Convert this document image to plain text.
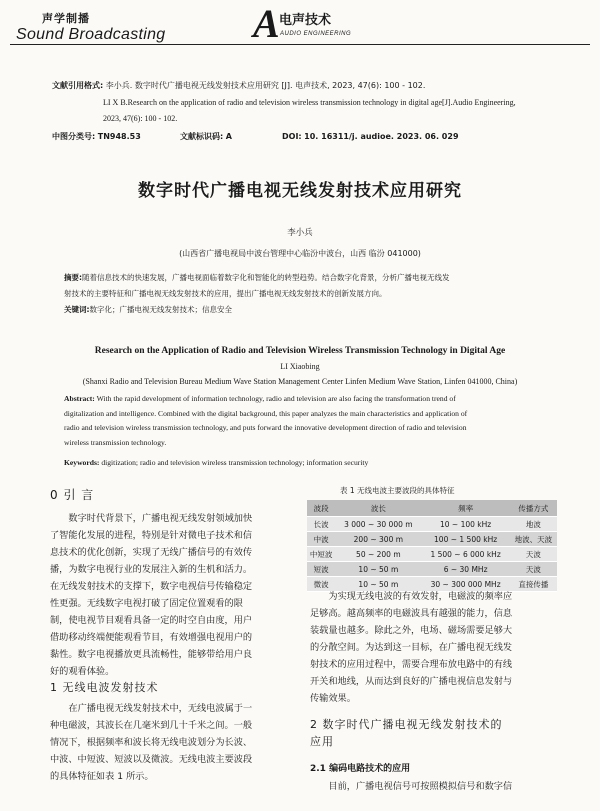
声学制播
Sound Broadcasting A 电声技术
AUDIO ENGINEERING
文献引用格式: 李小兵. 数字时代广播电视无线发射技术应用研究 [J]. 电声技术, 2023, 47(6): 100 - 102.
LI X B.Research on the application of radio and television wireless transmission technology in digital age[J].Audio Engineering,
2023, 47(6): 100 - 102.
中图分类号: TN948.53	文献标识码: A	DOI: 10. 16311/j. audioe. 2023. 06. 029
数字时代广播电视无线发射技术应用研究
李小兵
(山西省广播电视局中波台管理中心临汾中波台，山西 临汾 041000)
摘要:随着信息技术的快速发展，广播电视面临着数字化和智能化的转型趋势。结合数字化背景，分析广播电视无线发
射技术的主要特征和广播电视无线发射技术的应用，提出广播电视无线发射技术的创新发展方向。
关键词:数字化；广播电视无线发射技术；信息安全
Research on the Application of Radio and Television Wireless Transmission Technology in Digital Age
LI Xiaobing
(Shanxi Radio and Television Bureau Medium Wave Station Management Center Linfen Medium Wave Station, Linfen 041000, China)
Abstract: With the rapid development of information technology, radio and television are also facing the transformation trend of
digitalization and intelligence. Combined with the digital background, this paper analyzes the main characteristics and application of
radio and television wireless transmission technology, and puts forward the innovative development direction of radio and television
wireless transmission technology.
Keywords: digitization; radio and television wireless transmission technology; information security
0 引 言
数字时代背景下，广播电视无线发射领域加快
了智能化发展的进程，特别是针对微电子技术和信
息技术的优化创新，实现了无线广播信号的有效传
播，为数字电视行业的发展注入新的生机和活力。
在无线发射技术的支撑下，数字电视信号传输稳定
性更强。无线数字电视打破了固定位置观看的限
制，使电视节目观看具备一定的时空自由度，用户
借助移动终端便能观看节目，有效增强电视用户的
黏性。数字电视播放更具流畅性，能够带给用户良
好的观看体验。
1 无线电波发射技术
在广播电视无线发射技术中，无线电波属于一
种电磁波，其波长在几毫米到几十千米之间。一般
情况下，根据频率和波长将无线电波划分为长波、
中波、中短波、短波以及微波。无线电波主要波段
的具体特征如表 1 所示。
表 1 无线电波主要波段的具体特征
波段	波长	频率	传播方式
长波	3 000 ~ 30 000 m	10 ~ 100 kHz	地波
中波	200 ~ 300 m	100 ~ 1 500 kHz	地波、天波
中短波	50 ~ 200 m	1 500 ~ 6 000 kHz	天波
短波	10 ~ 50 m	6 ~ 30 MHz	天波
微波	10 ~ 50 m	30 ~ 300 000 MHz	直接传播
为实现无线电波的有效发射，电磁波的频率应
足够高。越高频率的电磁波具有越强的能力，信息
装载量也越多。除此之外，电场、磁场需要足够大
的分散空间。为达到这一目标，在广播电视无线发
射技术的应用过程中，需要合理布放电路中的有线
开关和地线，从而达到良好的广播电视信息发射与
传输效果。
2 数字时代广播电视无线发射技术的
应用
2.1 编码电路技术的应用
目前，广播电视信号可按照模拟信号和数字信
